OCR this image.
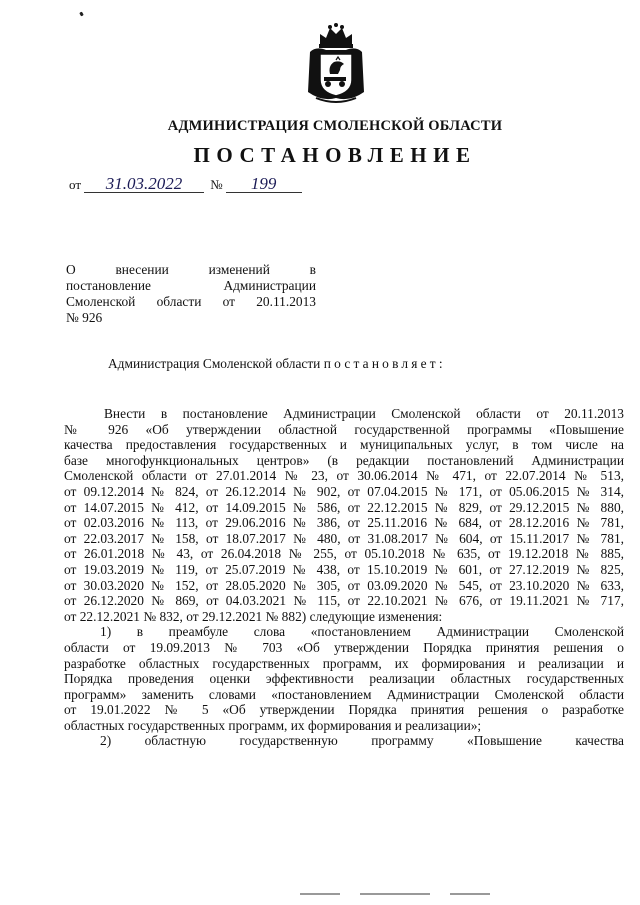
АДМИНИСТРАЦИЯ СМОЛЕНСКОЙ ОБЛАСТИ
ПОСТАНОВЛЕНИЕ
от 31.03.2022 № 199
О внесении изменений в
постановление Администрации
Смоленской области от 20.11.2013
№ 926
Администрация Смоленской области постановляет:
Внести в постановление Администрации Смоленской области от 20.11.2013
№ 926 «Об утверждении областной государственной программы «Повышение
качества предоставления государственных и муниципальных услуг, в том числе на
базе многофункциональных центров» (в редакции постановлений Администрации
Смоленской области от 27.01.2014 № 23, от 30.06.2014 № 471, от 22.07.2014 № 513,
от 09.12.2014 № 824, от 26.12.2014 № 902, от 07.04.2015 № 171, от 05.06.2015 № 314,
от 14.07.2015 № 412, от 14.09.2015 № 586, от 22.12.2015 № 829, от 29.12.2015 № 880,
от 02.03.2016 № 113, от 29.06.2016 № 386, от 25.11.2016 № 684, от 28.12.2016 № 781,
от 22.03.2017 № 158, от 18.07.2017 № 480, от 31.08.2017 № 604, от 15.11.2017 № 781,
от 26.01.2018 № 43, от 26.04.2018 № 255, от 05.10.2018 № 635, от 19.12.2018 № 885,
от 19.03.2019 № 119, от 25.07.2019 № 438, от 15.10.2019 № 601, от 27.12.2019 № 825,
от 30.03.2020 № 152, от 28.05.2020 № 305, от 03.09.2020 № 545, от 23.10.2020 № 633,
от 26.12.2020 № 869, от 04.03.2021 № 115, от 22.10.2021 № 676, от 19.11.2021 № 717,
от 22.12.2021 № 832, от 29.12.2021 № 882) следующие изменения:
1) в преамбуле слова «постановлением Администрации Смоленской
области от 19.09.2013 № 703 «Об утверждении Порядка принятия решения о
разработке областных государственных программ, их формирования и реализации и
Порядка проведения оценки эффективности реализации областных государственных
программ» заменить словами «постановлением Администрации Смоленской области
от 19.01.2022 № 5 «Об утверждении Порядка принятия решения о разработке
областных государственных программ, их формирования и реализации»;
2) областную государственную программу «Повышение качества
